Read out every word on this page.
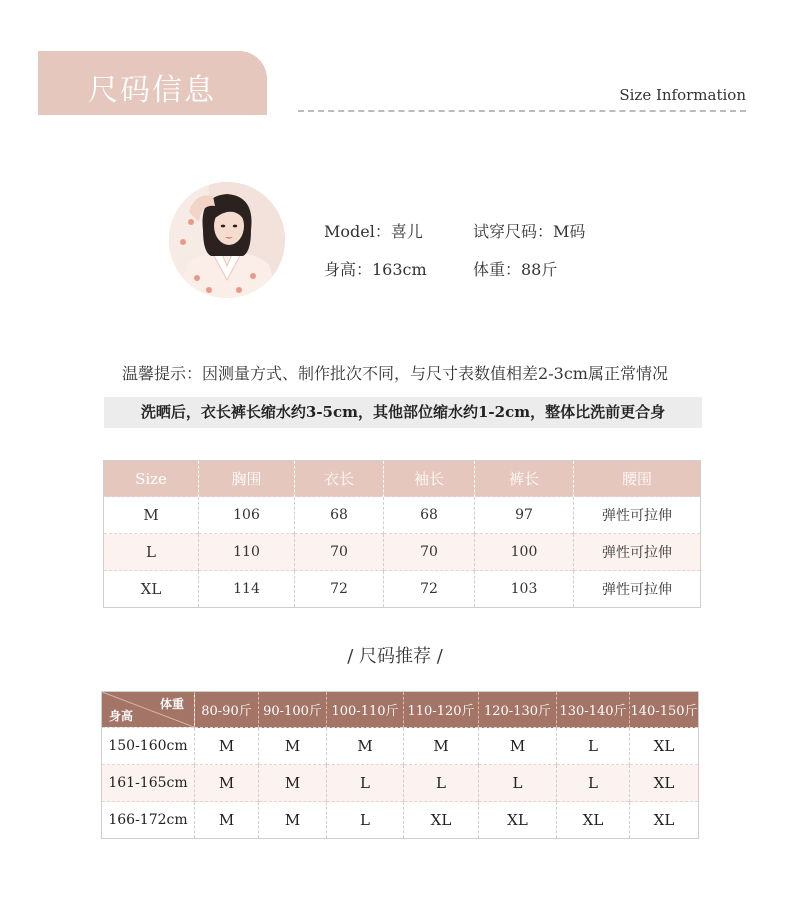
尺码信息	Size Information
Model：喜儿	试穿尺码：M码
身高：163cm	体重：88斤
温馨提示：因测量方式、制作批次不同，与尺寸表数值相差2-3cm属正常情况
洗晒后，衣长裤长缩水约3-5cm，其他部位缩水约1-2cm，整体比洗前更合身
Size	胸围	衣长	袖长	裤长	腰围
M	106	68	68	97	弹性可拉伸
L	110	70	70	100	弹性可拉伸
XL	114	72	72	103	弹性可拉伸
/ 尺码推荐 /
体重
身高	80-90斤	90-100斤	100-110斤	110-120斤	120-130斤	130-140斤	140-150斤
150-160cm	M	M	M	M	M	L	XL
161-165cm	M	M	L	L	L	L	XL
166-172cm	M	M	L	XL	XL	XL	XL
